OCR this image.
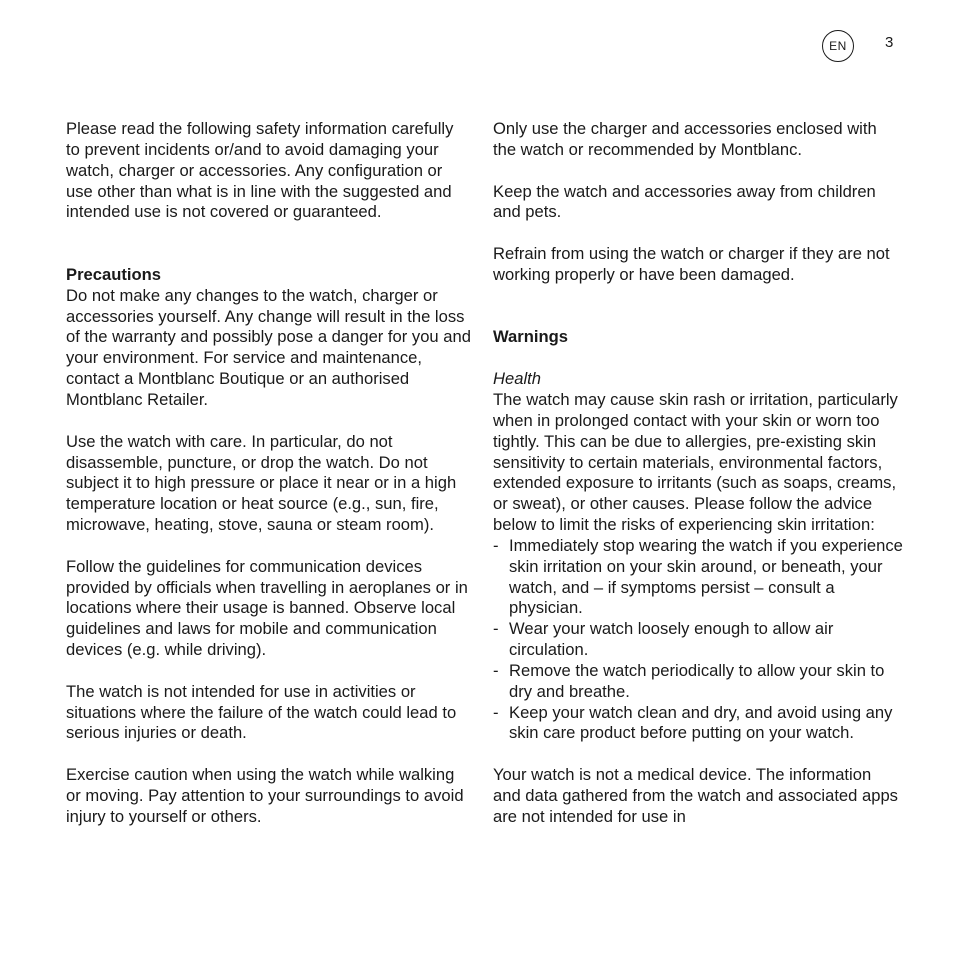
EN	3

Please read the following safety information carefully to prevent incidents or/and to avoid damaging your watch, charger or accessories. Any configuration or use other than what is in line with the suggested and intended use is not covered or guaranteed.

Precautions

Do not make any changes to the watch, charger or accessories yourself. Any change will result in the loss of the warranty and possibly pose a danger for you and your environment. For service and maintenance, contact a Montblanc Boutique or an authorised Montblanc Retailer.

Use the watch with care. In particular, do not disassemble, puncture, or drop the watch. Do not subject it to high pressure or place it near or in a high temperature location or heat source (e.g., sun, fire, microwave, heating, stove, sauna or steam room).

Follow the guidelines for communication devices provided by officials when travelling in aeroplanes or in locations where their usage is banned. Observe local guidelines and laws for mobile and communication devices (e.g. while driving).

The watch is not intended for use in activities or situations where the failure of the watch could lead to serious injuries or death.

Exercise caution when using the watch while walking or moving. Pay attention to your surroundings to avoid injury to yourself or others.

Only use the charger and accessories enclosed with the watch or recommended by Montblanc.

Keep the watch and accessories away from children and pets.

Refrain from using the watch or charger if they are not working properly or have been damaged.

Warnings

Health

The watch may cause skin rash or irritation, particularly when in prolonged contact with your skin or worn too tightly. This can be due to allergies, pre-existing skin sensitivity to certain materials, environmental factors, extended exposure to irritants (such as soaps, creams, or sweat), or other causes. Please follow the advice below to limit the risks of experiencing skin irritation:

- Immediately stop wearing the watch if you experience skin irritation on your skin around, or beneath, your watch, and – if symptoms persist – consult a physician.
- Wear your watch loosely enough to allow air circulation.
- Remove the watch periodically to allow your skin to dry and breathe.
- Keep your watch clean and dry, and avoid using any skin care product before putting on your watch.

Your watch is not a medical device. The information and data gathered from the watch and associated apps are not intended for use in
